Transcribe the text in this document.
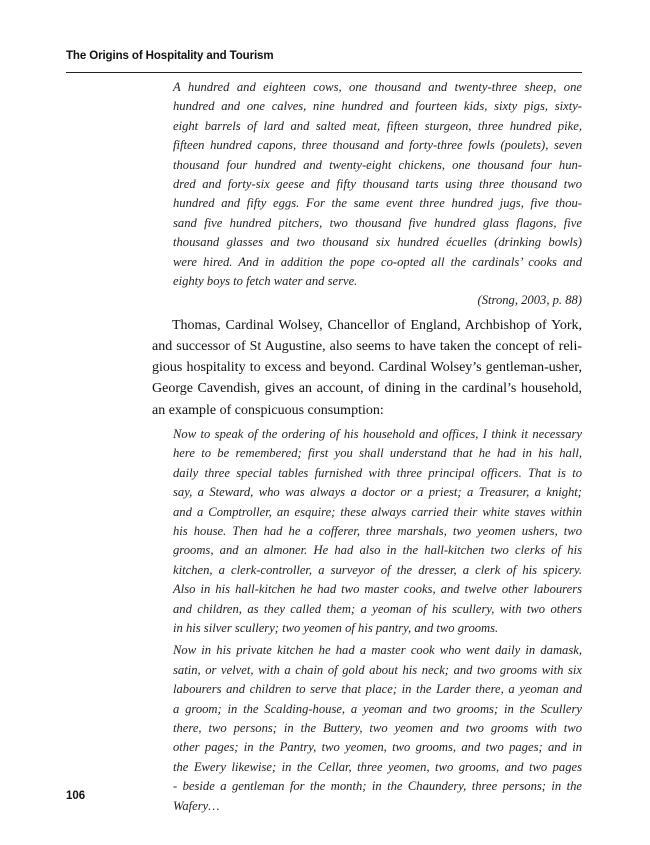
The Origins of Hospitality and Tourism

A hundred and eighteen cows, one thousand and twenty-three sheep, one
hundred and one calves, nine hundred and fourteen kids, sixty pigs, sixty-
eight barrels of lard and salted meat, fifteen sturgeon, three hundred pike,
fifteen hundred capons, three thousand and forty-three fowls (poulets), seven
thousand four hundred and twenty-eight chickens, one thousand four hun-
dred and forty-six geese and fifty thousand tarts using three thousand two
hundred and fifty eggs. For the same event three hundred jugs, five thou-
sand five hundred pitchers, two thousand five hundred glass flagons, five
thousand glasses and two thousand six hundred écuelles (drinking bowls)
were hired. And in addition the pope co-opted all the cardinals’ cooks and
eighty boys to fetch water and serve.

(Strong, 2003, p. 88)

Thomas, Cardinal Wolsey, Chancellor of England, Archbishop of York,
and successor of St Augustine, also seems to have taken the concept of reli-
gious hospitality to excess and beyond. Cardinal Wolsey’s gentleman-usher,
George Cavendish, gives an account, of dining in the cardinal’s household,
an example of conspicuous consumption:

Now to speak of the ordering of his household and offices, I think it necessary
here to be remembered; first you shall understand that he had in his hall,
daily three special tables furnished with three principal officers. That is to
say, a Steward, who was always a doctor or a priest; a Treasurer, a knight;
and a Comptroller, an esquire; these always carried their white staves within
his house. Then had he a cofferer, three marshals, two yeomen ushers, two
grooms, and an almoner. He had also in the hall-kitchen two clerks of his
kitchen, a clerk-controller, a surveyor of the dresser, a clerk of his spicery.
Also in his hall-kitchen he had two master cooks, and twelve other labourers
and children, as they called them; a yeoman of his scullery, with two others
in his silver scullery; two yeomen of his pantry, and two grooms.

Now in his private kitchen he had a master cook who went daily in damask,
satin, or velvet, with a chain of gold about his neck; and two grooms with six
labourers and children to serve that place; in the Larder there, a yeoman and
a groom; in the Scalding-house, a yeoman and two grooms; in the Scullery
there, two persons; in the Buttery, two yeomen and two grooms with two
other pages; in the Pantry, two yeomen, two grooms, and two pages; and in
the Ewery likewise; in the Cellar, three yeomen, two grooms, and two pages
- beside a gentleman for the month; in the Chaundery, three persons; in the
Wafery…

106
